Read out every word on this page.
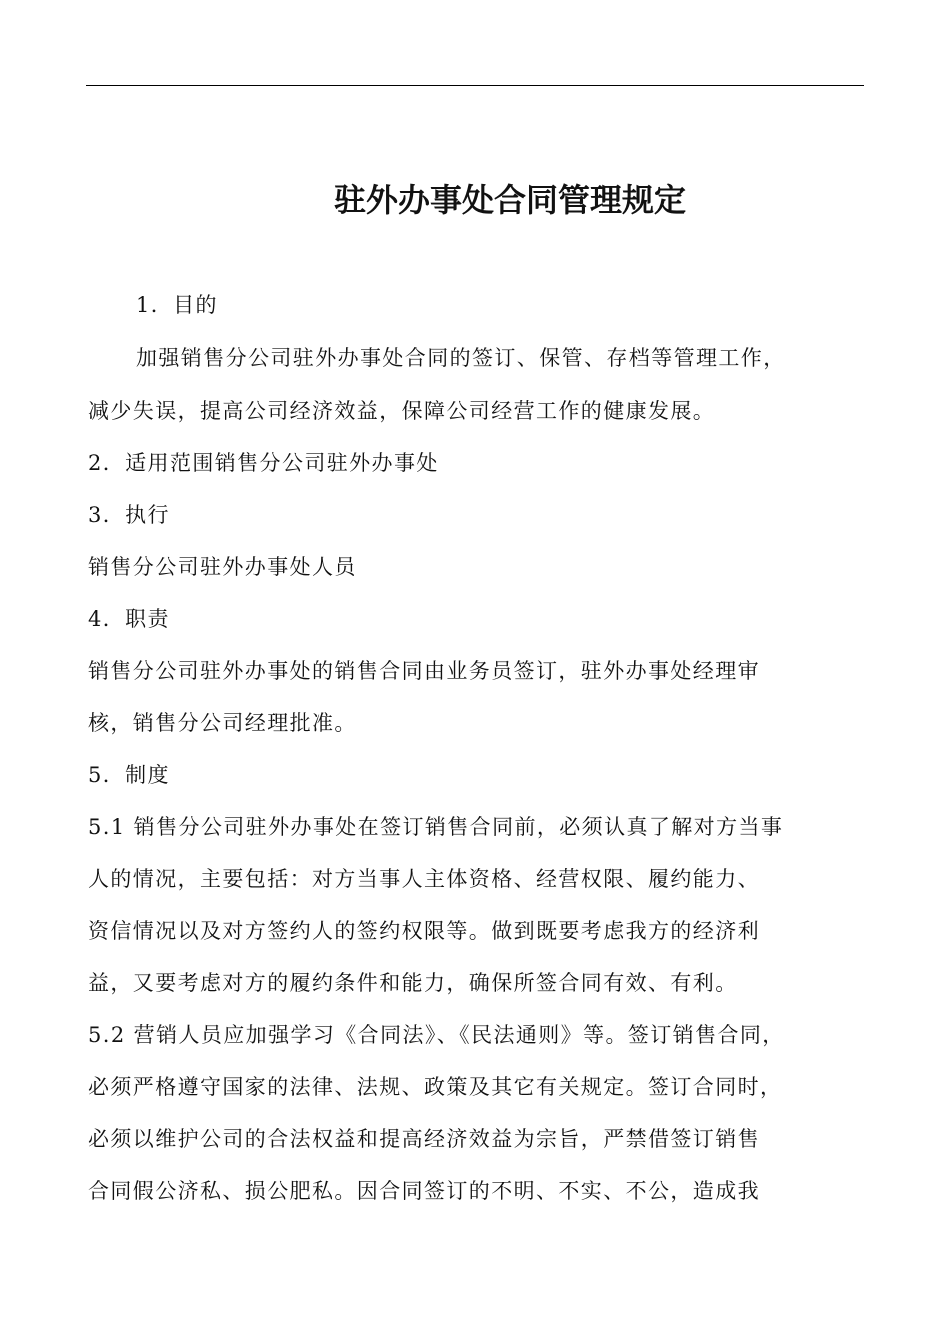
驻外办事处合同管理规定
1．目的
加强销售分公司驻外办事处合同的签订、保管、存档等管理工作，
减少失误，提高公司经济效益，保障公司经营工作的健康发展。
2．适用范围销售分公司驻外办事处
3．执行
销售分公司驻外办事处人员
4．职责
销售分公司驻外办事处的销售合同由业务员签订，驻外办事处经理审
核，销售分公司经理批准。
5．制度
5.1 销售分公司驻外办事处在签订销售合同前，必须认真了解对方当事
人的情况，主要包括：对方当事人主体资格、经营权限、履约能力、
资信情况以及对方签约人的签约权限等。做到既要考虑我方的经济利
益，又要考虑对方的履约条件和能力，确保所签合同有效、有利。
5.2 营销人员应加强学习《合同法》、《民法通则》等。签订销售合同，
必须严格遵守国家的法律、法规、政策及其它有关规定。签订合同时，
必须以维护公司的合法权益和提高经济效益为宗旨，严禁借签订销售
合同假公济私、损公肥私。因合同签订的不明、不实、不公，造成我
